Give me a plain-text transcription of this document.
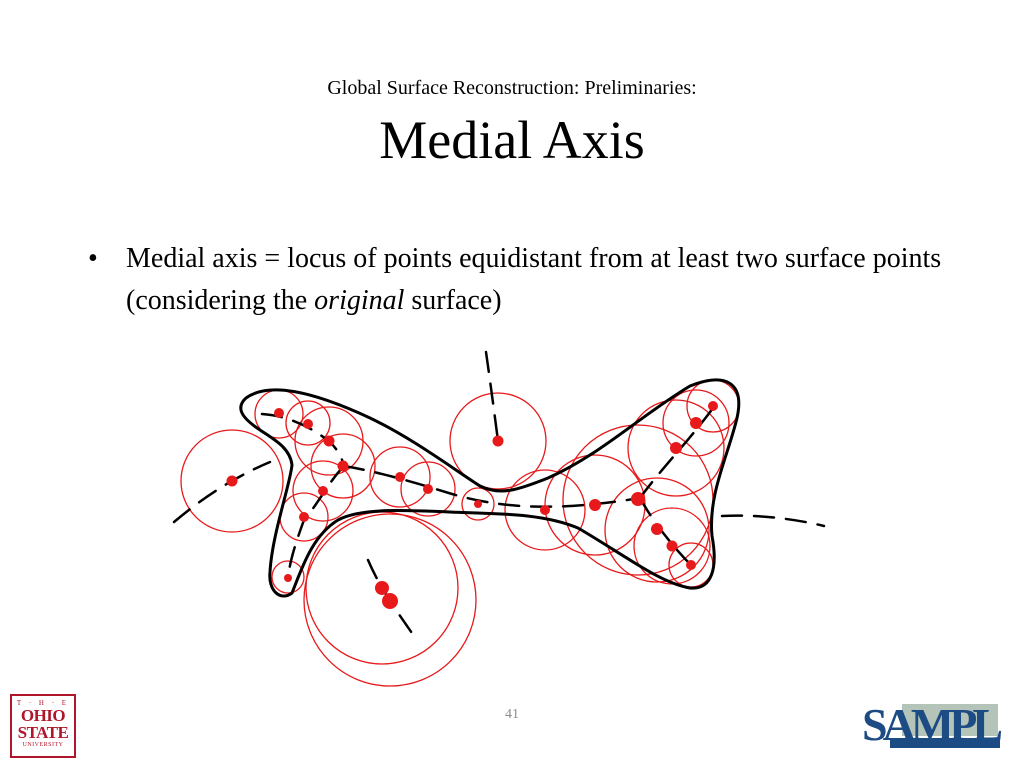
Global Surface Reconstruction: Preliminaries:
Medial Axis
• Medial axis = locus of points equidistant from at least two surface points (considering the original surface)
41
T · H · E
OHIO
STATE
UNIVERSITY	SAMPL
